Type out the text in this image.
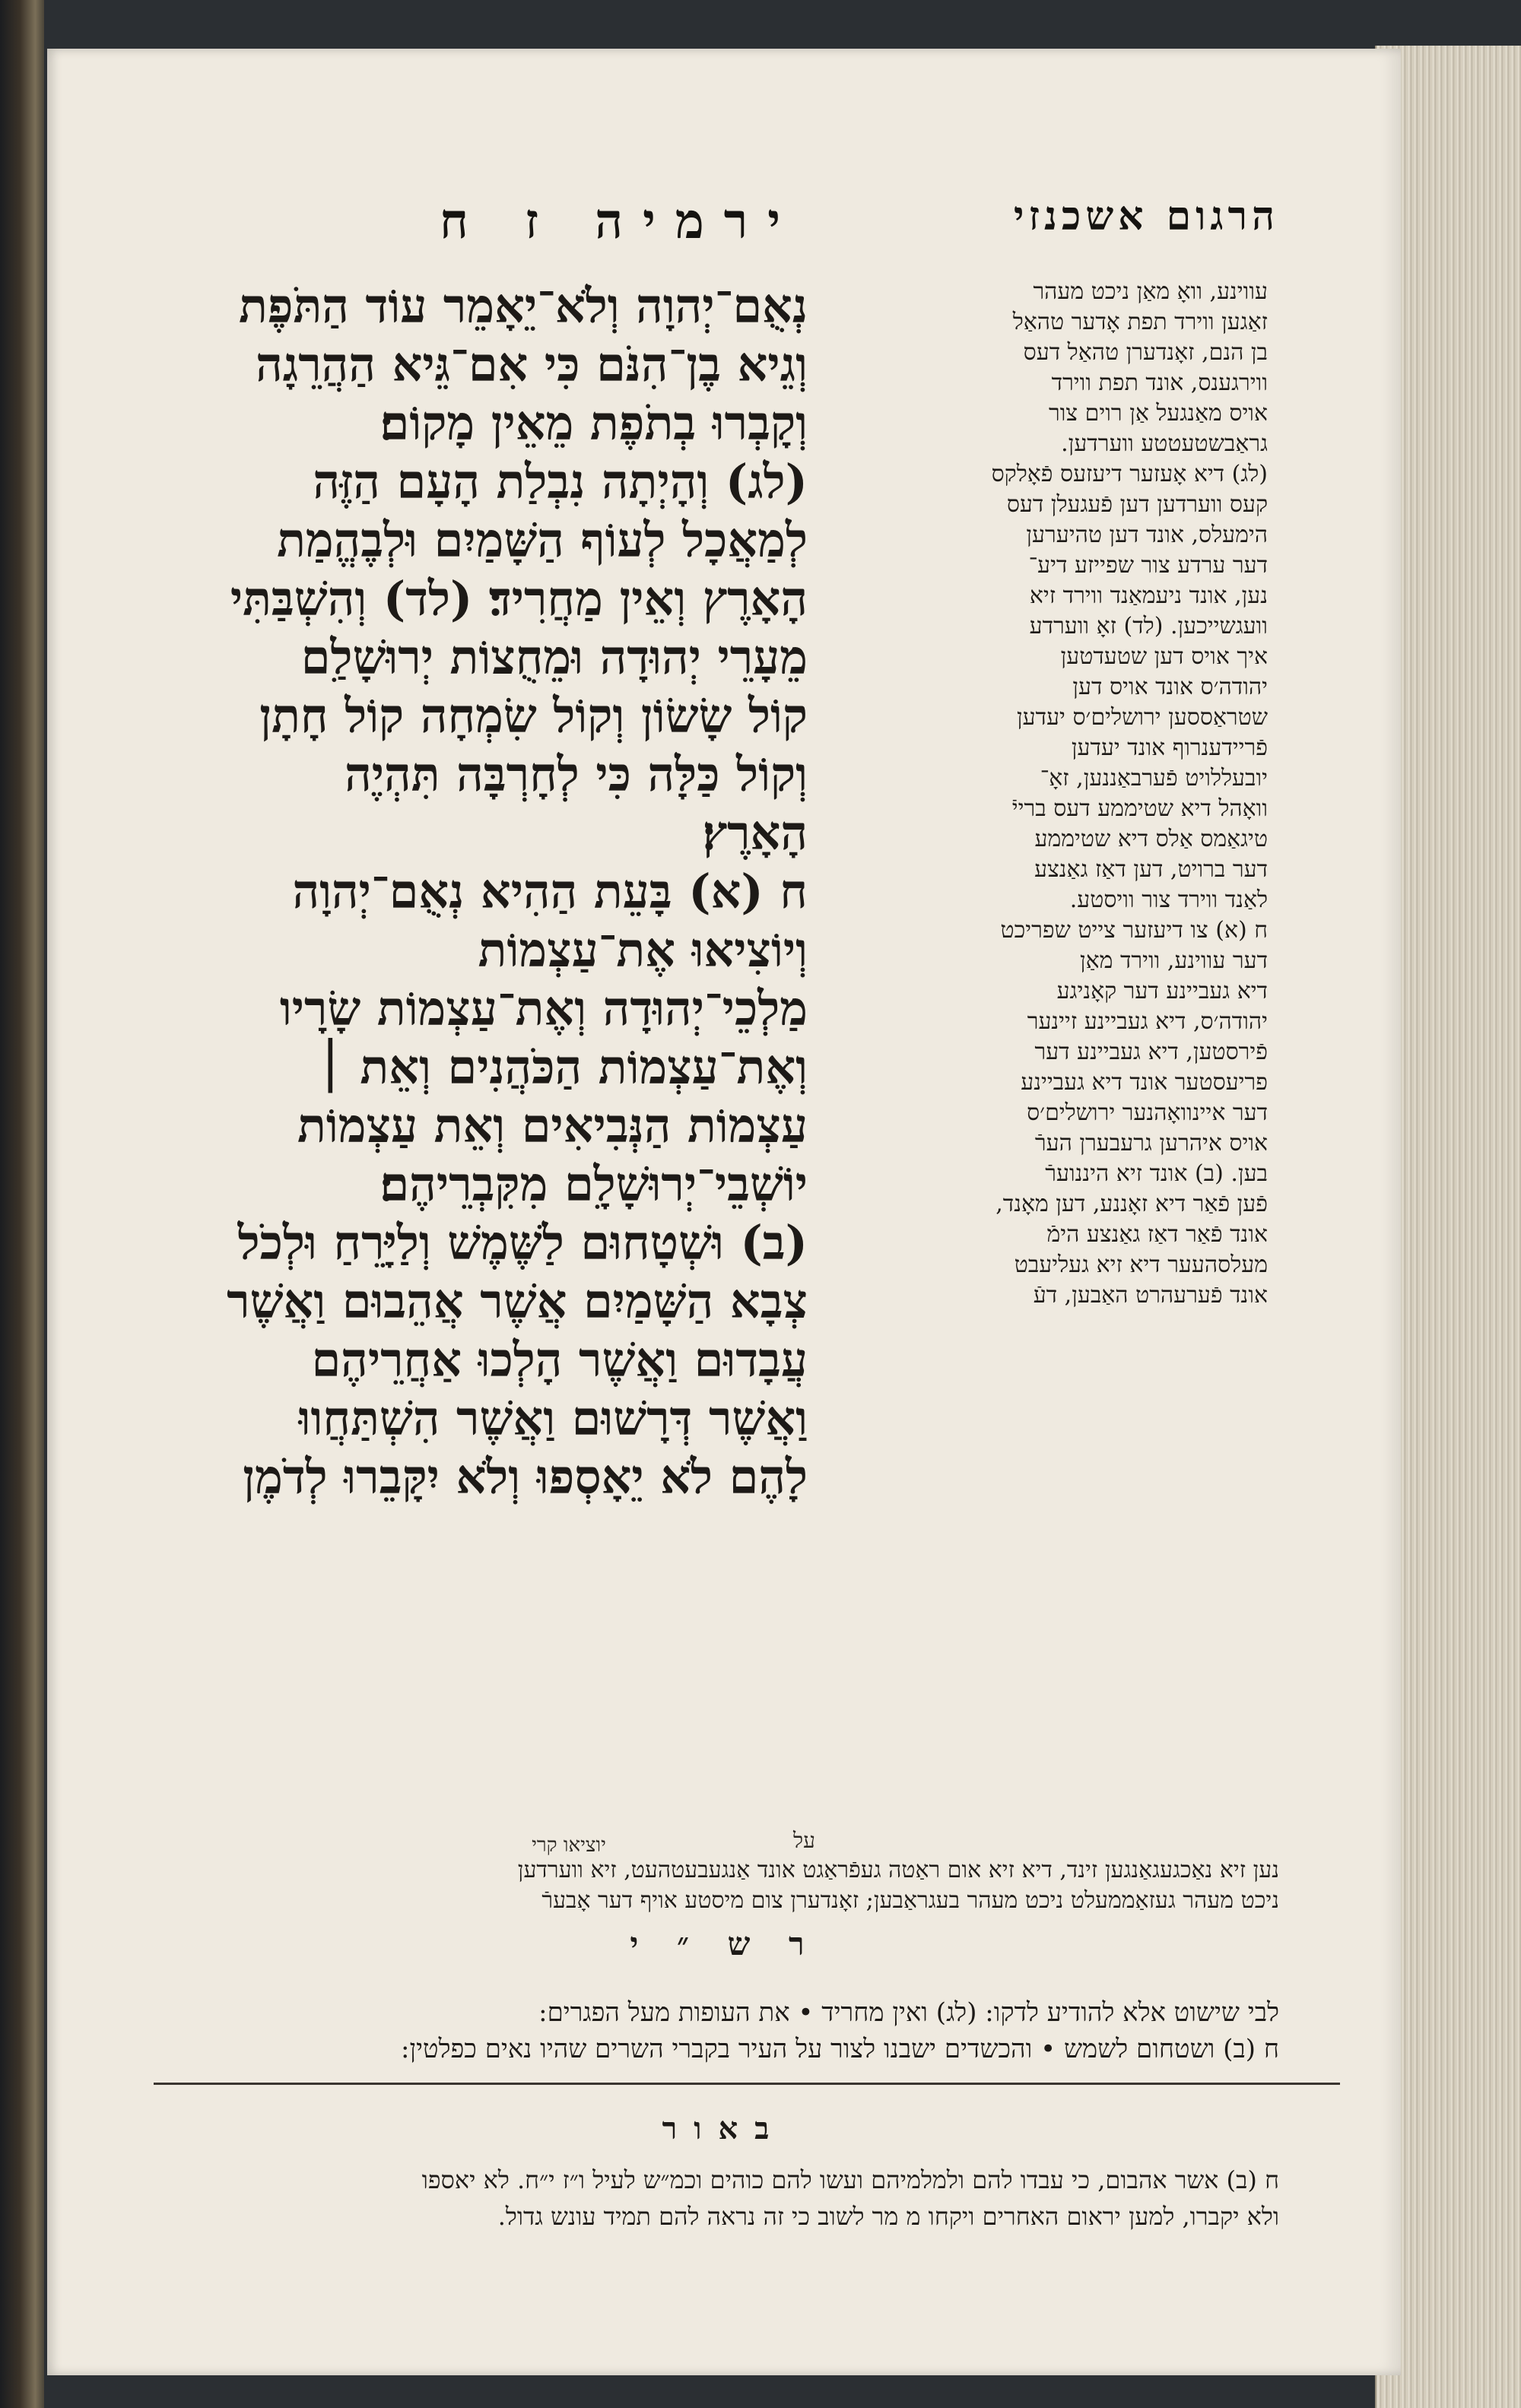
ירמיה ז ח	הרגום אשכנזי
נְאֻם־יְהוָה וְלֹא־יֵאָמֵר עוֹד הַתֹּפֶת
וְגֵיא בֶן־הִנֹּם כִּי אִם־גֵּיא הַהֲרֵגָה
וְקָבְרוּ בְתֹפֶת מֵאֵין מָקוֹם׃
(לג) וְהָיְתָה נִבְלַת הָעָם הַזֶּה
לְמַאֲכָל לְעוֹף הַשָּׁמַיִם וּלְבֶהֱמַת
הָאָרֶץ וְאֵין מַחֲרִיד׃ (לד) וְהִשְׁבַּתִּי
מֵעָרֵי יְהוּדָה וּמֵחֻצוֹת יְרוּשָׁלִַם
קוֹל שָׂשׂוֹן וְקוֹל שִׂמְחָה קוֹל חָתָן
וְקוֹל כַּלָּה כִּי לְחָרְבָּה תִּהְיֶה
הָאָרֶץ׃
ח (א) בָּעֵת הַהִיא נְאֻם־יְהוָה
וְיוֹצִיאוּ אֶת־עַצְמוֹת
מַלְכֵי־יְהוּדָה וְאֶת־עַצְמוֹת שָׂרָיו
וְאֶת־עַצְמוֹת הַכֹּהֲנִים וְאֵת ׀
עַצְמוֹת הַנְּבִיאִים וְאֵת עַצְמוֹת
יוֹשְׁבֵי־יְרוּשָׁלִָם מִקִּבְרֵיהֶם׃
(ב) וּשְׁטָחוּם לַשֶּׁמֶשׁ וְלַיָּרֵחַ וּלְכֹל
צְבָא הַשָּׁמַיִם אֲשֶׁר אֲהֵבוּם וַאֲשֶׁר
עֲבָדוּם וַאֲשֶׁר הָלְכוּ אַחֲרֵיהֶם
וַאֲשֶׁר דְּרָשׁוּם וַאֲשֶׁר הִשְׁתַּחֲווּ
לָהֶם לֹא יֵאָסְפוּ וְלֹא יִקָּבֵרוּ לְדֹמֶן
עווינע, וואָ מאַן ניכט מעהר
זאַגען ווירד תפת אָדער טהאַל
בן הנם, זאָנדערן טהאַל דעס
ווירגענס, אונד תפת ווירד
אויס מאַנגעל אַן רוים צור
גראַבשטעטטע ווערדען.
(לג) דיא אָעזער דיעזעס פֿאָלקס
קעס ווערדען דען פֿעגעלן דעס
הימעלס, אונד דען טהיערען
דער ערדע צור שפייזע דיע־
נען, אונד ניעמאַנד ווירד זיא
וועגשייכען. (לד) זאָ ווערדע
איך אויס דען שטעדטען
יהודה׳ס אונד אויס דען
שטראַססען ירושלים׳ס יעדען
פֿריידענרוף אונד יעדען
יובעללויט פֿערבאַננען, זאָ־
וואָהל דיא שטיממע דעס ברייֿ
טיגאַמס אַלס דיא שטיממע
דער ברויט, דען דאַז גאַנצע
לאַנד ווירד צור וויסטע.
ח (א) צו דיעזער צייט שפריכט
דער עווינע, ווירד מאַן
דיא געביינע דער קאָניגע
יהודה׳ס, דיא געביינע זיינער
פֿירסטען, דיא געביינע דער
פריעסטער אונד דיא געביינע
דער איינוואָהנער ירושלים׳ס
אויס איהרען גרעבערן הערֿ
בען. (ב) אונד זיא היננוערֿ
פֿען פֿאַר דיא זאָננע, דען מאָנד,
אונד פֿאַר דאַז גאַנצע הימֿ
מעלסהעער דיא זיא געליעבט
אונד פֿערעהרט האַבען, דעֿ
יוציאו קרי	על
נען זיא נאַכגעגאַנגען זינד, דיא זיא אום ראַטה געפֿראַגט אונד אַנגעבעטהעט, זיא ווערדען
ניכט מעהר געזאַממעלט ניכט מעהר בעגראַבען; זאָנדערן צום מיסטע אויף דער אָבערֿ
ר ש ״ י
לבי שישוט אלא להודיע לדקו: (לג) ואין מחריד • את העופות מעל הפגרים:
ח (ב) ושטחום לשמש • והכשדים ישבנו לצור על העיר בקברי השרים שהיו נאים כפלטין:
באור
ח (ב) אשר אהבום, כי עבדו להם ולמלמיהם ועשו להם כוהים וכמ״ש לעיל ו״ז י״ח. לא יאספו
ולא יקברו, למען יראום האחרים ויקחו מ מר לשוב כי זה נראה להם תמיד עונש גדול.
